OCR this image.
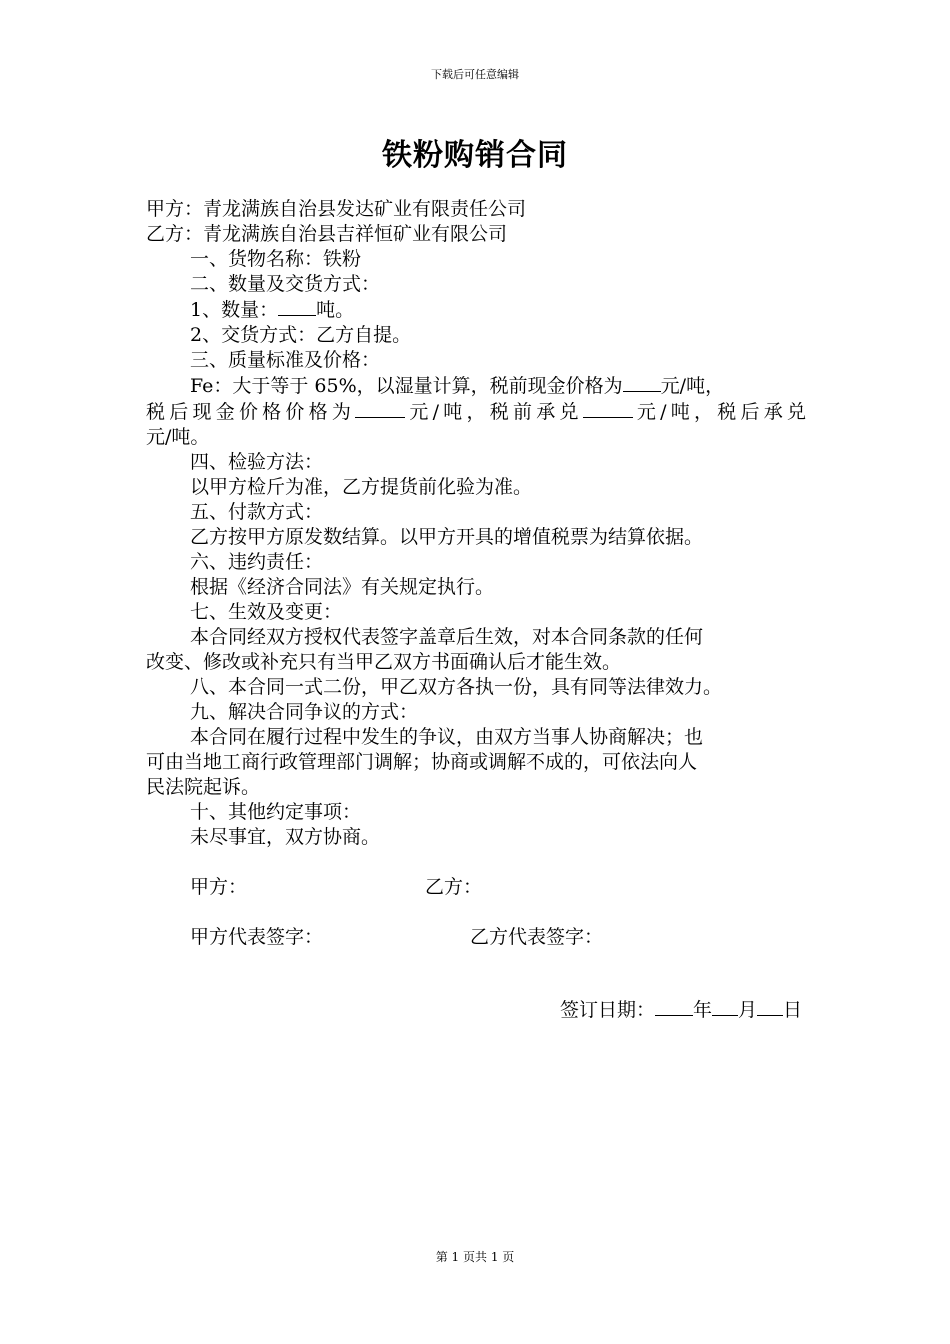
下载后可任意编辑
铁粉购销合同
甲方：青龙满族自治县发达矿业有限责任公司
乙方：青龙满族自治县吉祥恒矿业有限公司
一、货物名称：铁粉
二、数量及交货方式：
1、数量： 吨。
2、交货方式：乙方自提。
三、质量标准及价格：
Fe：大于等于 65%，以湿量计算，税前现金价格为 元/吨，
税后现金价格价格为	元/吨，税前承兑	元/吨，税后承兑
元/吨。
四、检验方法：
以甲方检斤为准，乙方提货前化验为准。
五、付款方式：
乙方按甲方原发数结算。以甲方开具的增值税票为结算依据。
六、违约责任：
根据《经济合同法》有关规定执行。
七、生效及变更：
本合同经双方授权代表签字盖章后生效，对本合同条款的任何
改变、修改或补充只有当甲乙双方书面确认后才能生效。
八、本合同一式二份，甲乙双方各执一份，具有同等法律效力。
九、解决合同争议的方式：
本合同在履行过程中发生的争议，由双方当事人协商解决；也
可由当地工商行政管理部门调解；协商或调解不成的，可依法向人
民法院起诉。
十、其他约定事项：
未尽事宜，双方协商。
甲方：	乙方：
甲方代表签字：	乙方代表签字：
签订日期： 年 月 日
第 1 页共 1 页
